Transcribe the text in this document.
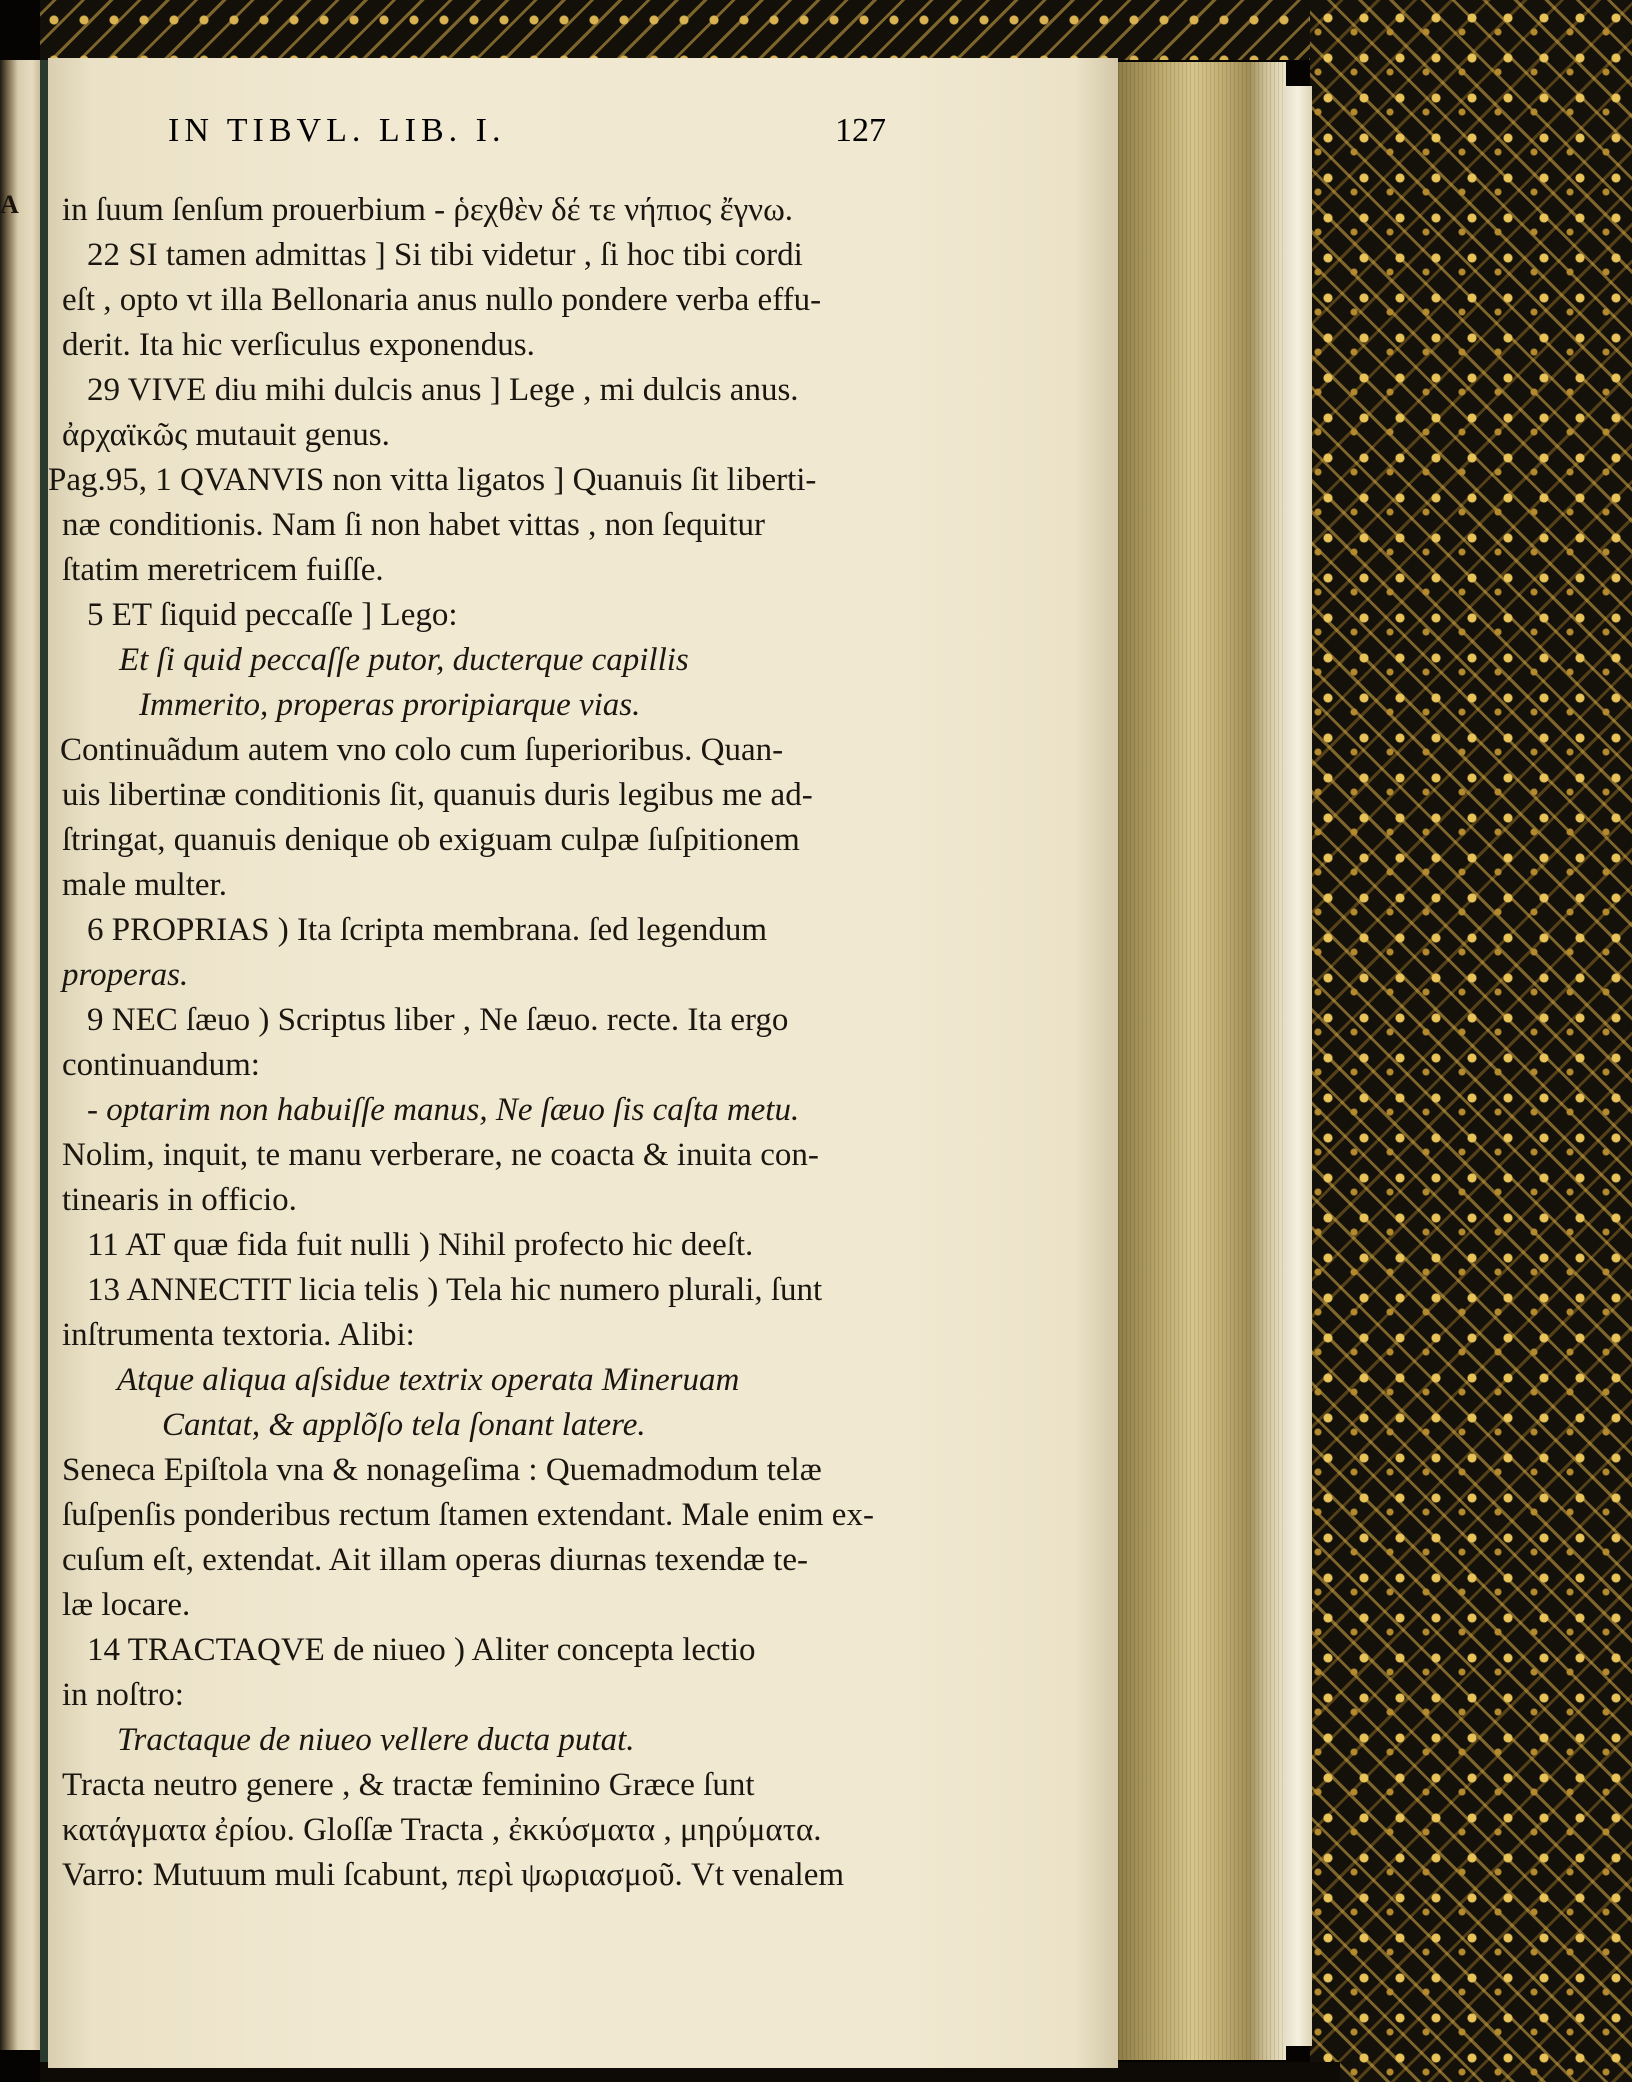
A
IN TIBVL. LIB. I.	127
in ſuum ſenſum prouerbium - ῥεχθὲν δέ τε νήπιος ἔγνω.
22 SI tamen admittas ] Si tibi videtur , ſi hoc tibi cordi
eſt , opto vt illa Bellonaria anus nullo pondere verba effu-
derit. Ita hic verſiculus exponendus.
29 VIVE diu mihi dulcis anus ] Lege , mi dulcis anus.
ἀρχαϊκῶς mutauit genus.
Pag.95, 1 QVANVIS non vitta ligatos ] Quanuis ſit liberti-
næ conditionis. Nam ſi non habet vittas , non ſequitur
ſtatim meretricem fuiſſe.
5 ET ſiquid peccaſſe ] Lego:
Et ſi quid peccaſſe putor, ducterque capillis
Immerito, properas proripiarque vias.
Continuãdum autem vno colo cum ſuperioribus. Quan-
uis libertinæ conditionis ſit, quanuis duris legibus me ad-
ſtringat, quanuis denique ob exiguam culpæ ſuſpitionem
male multer.
6 PROPRIAS ) Ita ſcripta membrana. ſed legendum
properas.
9 NEC ſæuo ) Scriptus liber , Ne ſæuo. recte. Ita ergo
continuandum:
- optarim non habuiſſe manus, Ne ſæuo ſis caſta metu.
Nolim, inquit, te manu verberare, ne coacta & inuita con-
tinearis in officio.
11 AT quæ fida fuit nulli ) Nihil profecto hic deeſt.
13 ANNECTIT licia telis ) Tela hic numero plurali, ſunt
inſtrumenta textoria. Alibi:
Atque aliqua aſsidue textrix operata Mineruam
Cantat, & applõſo tela ſonant latere.
Seneca Epiſtola vna & nonageſima : Quemadmodum telæ
ſuſpenſis ponderibus rectum ſtamen extendant. Male enim ex-
cuſum eſt, extendat. Ait illam operas diurnas texendæ te-
læ locare.
14 TRACTAQVE de niueo ) Aliter concepta lectio
in noſtro:
Tractaque de niueo vellere ducta putat.
Tracta neutro genere , & tractæ feminino Græce ſunt
κατάγματα ἐρίου. Gloſſæ Tracta , ἐκκύσματα , μηρύματα.
Varro: Mutuum muli ſcabunt, περὶ ψωριασμοῦ. Vt venalem
